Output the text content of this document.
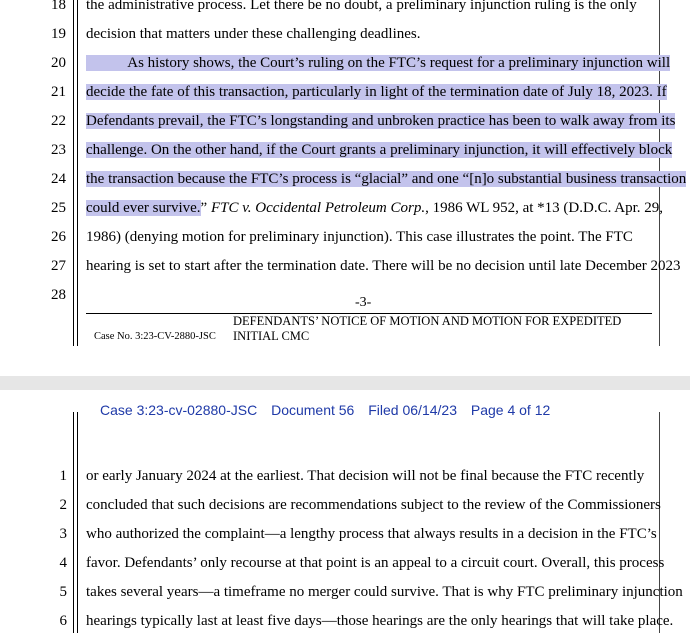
18 the administrative process. Let there be no doubt, a preliminary injunction ruling is the only
19 decision that matters under these challenging deadlines.
20 As history shows, the Court’s ruling on the FTC’s request for a preliminary injunction will
21 decide the fate of this transaction, particularly in light of the termination date of July 18, 2023. If
22 Defendants prevail, the FTC’s longstanding and unbroken practice has been to walk away from its
23 challenge. On the other hand, if the Court grants a preliminary injunction, it will effectively block
24 the transaction because the FTC’s process is “glacial” and one “[n]o substantial business transaction
25 could ever survive.” FTC v. Occidental Petroleum Corp., 1986 WL 952, at *13 (D.D.C. Apr. 29,
26 1986) (denying motion for preliminary injunction). This case illustrates the point. The FTC
27 hearing is set to start after the termination date. There will be no decision until late December 2023
28	-3-
DEFENDANTS’ NOTICE OF MOTION AND MOTION FOR EXPEDITED
INITIAL CMC
Case No. 3:23-CV-2880-JSC
Case 3:23-cv-02880-JSC Document 56 Filed 06/14/23 Page 4 of 12
1 or early January 2024 at the earliest. That decision will not be final because the FTC recently
2 concluded that such decisions are recommendations subject to the review of the Commissioners
3 who authorized the complaint—a lengthy process that always results in a decision in the FTC’s
4 favor. Defendants’ only recourse at that point is an appeal to a circuit court. Overall, this process
5 takes several years—a timeframe no merger could survive. That is why FTC preliminary injunction
6 hearings typically last at least five days—those hearings are the only hearings that will take place.
